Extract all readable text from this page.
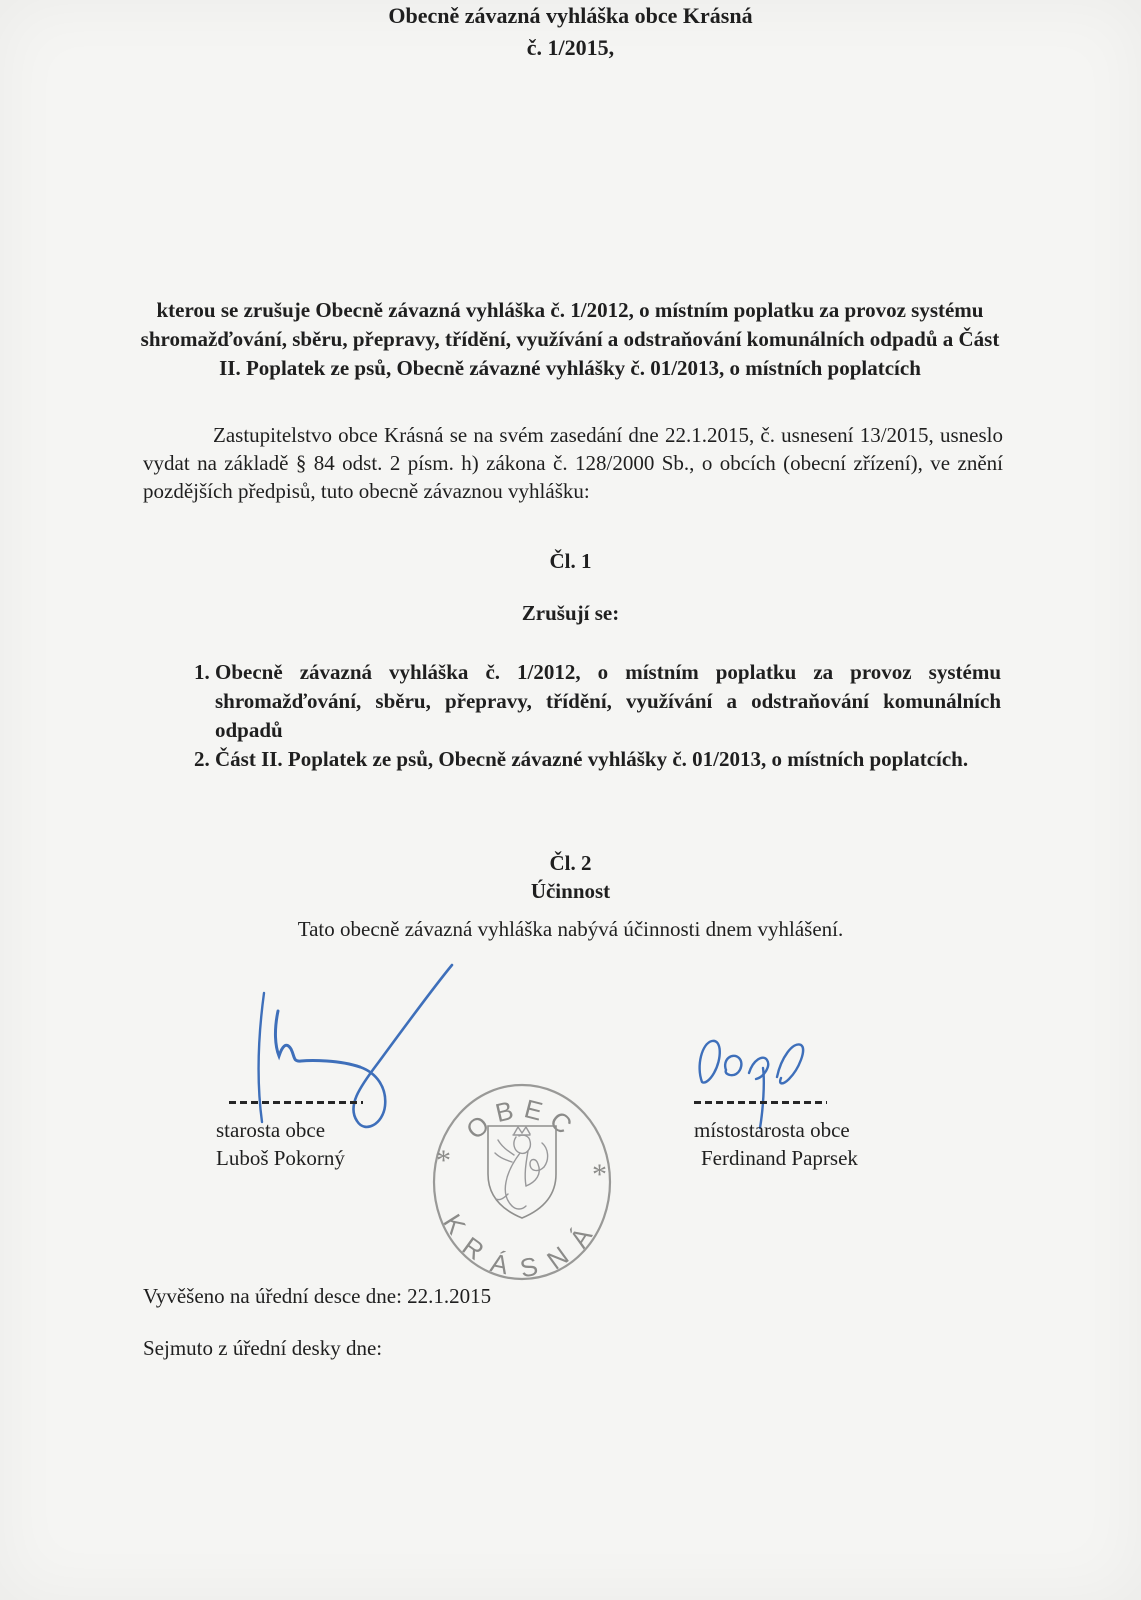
Obecně závazná vyhláška obce Krásná
č. 1/2015,
kterou se zrušuje Obecně závazná vyhláška č. 1/2012, o místním poplatku za provoz systému shromažďování, sběru, přepravy, třídění, využívání a odstraňování komunálních odpadů a Část II. Poplatek ze psů, Obecně závazné vyhlášky č. 01/2013, o místních poplatcích
Zastupitelstvo obce Krásná se na svém zasedání dne 22.1.2015, č. usnesení 13/2015, usneslo vydat na základě § 84 odst. 2 písm. h) zákona č. 128/2000 Sb., o obcích (obecní zřízení), ve znění pozdějších předpisů, tuto obecně závaznou vyhlášku:
Čl. 1
Zrušují se:
1. Obecně závazná vyhláška č. 1/2012, o místním poplatku za provoz systému shromažďování, sběru, přepravy, třídění, využívání a odstraňování komunálních odpadů
2. Část II. Poplatek ze psů, Obecně závazné vyhlášky č. 01/2013, o místních poplatcích.
Čl. 2
Účinnost
Tato obecně závazná vyhláška nabývá účinnosti dnem vyhlášení.
starosta obce
Luboš Pokorný
místostarosta obce
Ferdinand Paprsek
OBEC
KRÁSNÁ
*	*
Vyvěšeno na úřední desce dne: 22.1.2015
Sejmuto z úřední desky dne:
